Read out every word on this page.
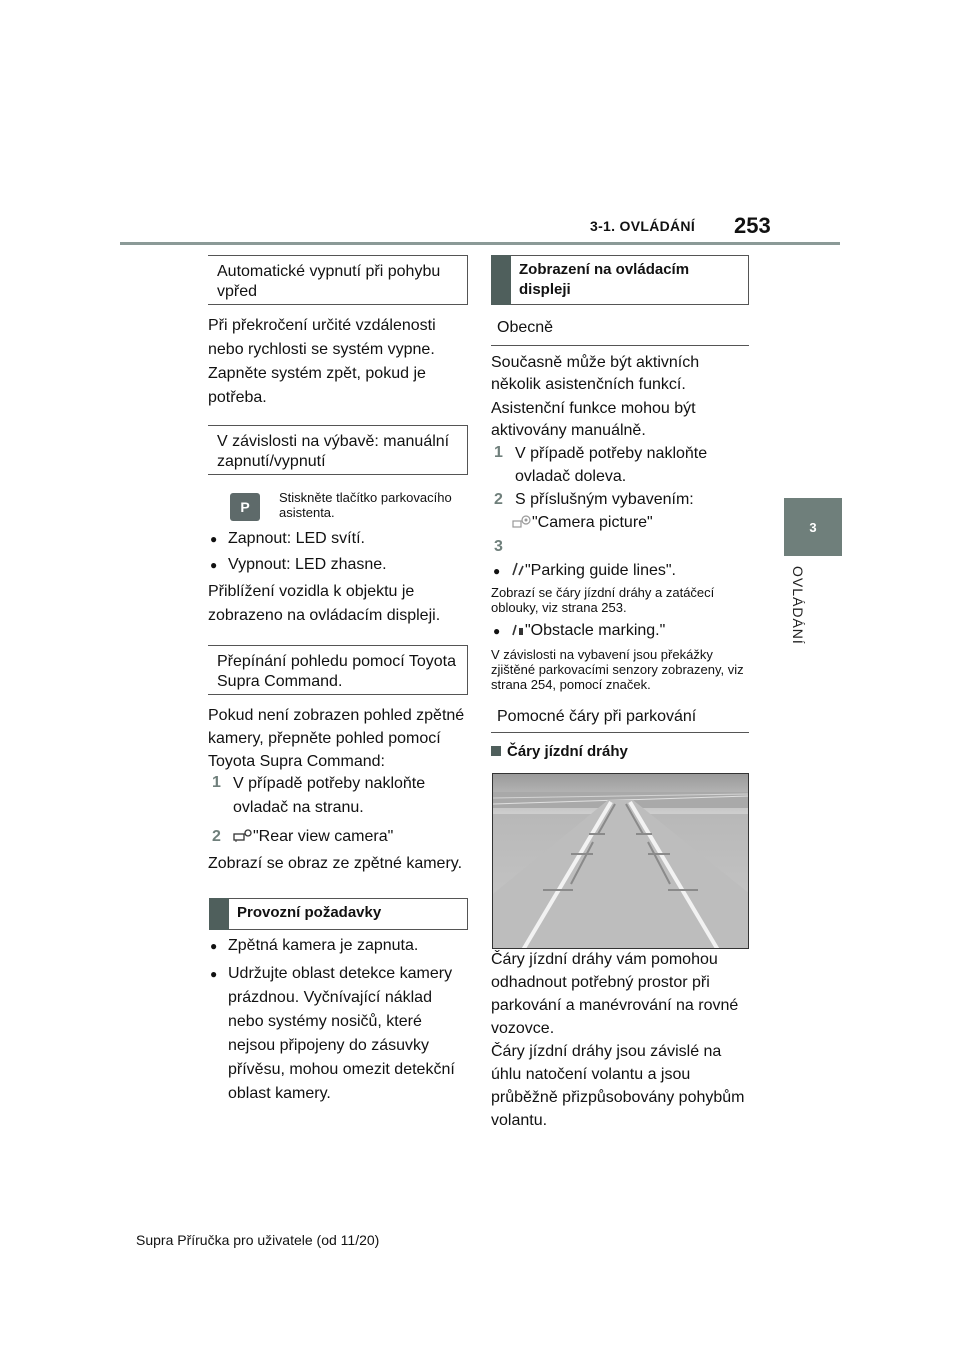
3-1. OVLÁDÁNÍ 253
3
OVLÁDÁNÍ
Automatické vypnutí při pohybu vpřed
Při překročení určité vzdálenosti nebo rychlosti se systém vypne.
Zapněte systém zpět, pokud je potřeba.
V závislosti na výbavě: manuální zapnutí/vypnutí
P
Stiskněte tlačítko parkovacího asistenta.
● Zapnout: LED svítí.
● Vypnout: LED zhasne.
Přiblížení vozidla k objektu je zobrazeno na ovládacím displeji.
Přepínání pohledu pomocí Toyota Supra Command.
Pokud není zobrazen pohled zpětné kamery, přepněte pohled pomocí Toyota Supra Command:
1 V případě potřeby nakloňte ovladač na stranu.
2	"Rear view camera"
Zobrazí se obraz ze zpětné kamery.
Provozní požadavky
● Zpětná kamera je zapnuta.
● Udržujte oblast detekce kamery prázdnou. Vyčnívající náklad nebo systémy nosičů, které nejsou připojeny do zásuvky přívěsu, mohou omezit detekční oblast kamery.
Zobrazení na ovládacím displeji
Obecně
Současně může být aktivních několik asistenčních funkcí.
Asistenční funkce mohou být aktivovány manuálně.
1 V případě potřeby nakloňte ovladač doleva.
2 S příslušným vybavením:
"Camera picture"
3
● "Parking guide lines".
Zobrazí se čáry jízdní dráhy a zatáčecí oblouky, viz strana 253.
● "Obstacle marking."
V závislosti na vybavení jsou překážky zjištěné parkovacími senzory zobrazeny, viz strana 254, pomocí značek.
Pomocné čáry při parkování
Čáry jízdní dráhy
Čáry jízdní dráhy vám pomohou odhadnout potřebný prostor při parkování a manévrování na rovné vozovce.
Čáry jízdní dráhy jsou závislé na úhlu natočení volantu a jsou průběžně přizpůsobovány pohybům volantu.
Supra Příručka pro uživatele (od 11/20)
